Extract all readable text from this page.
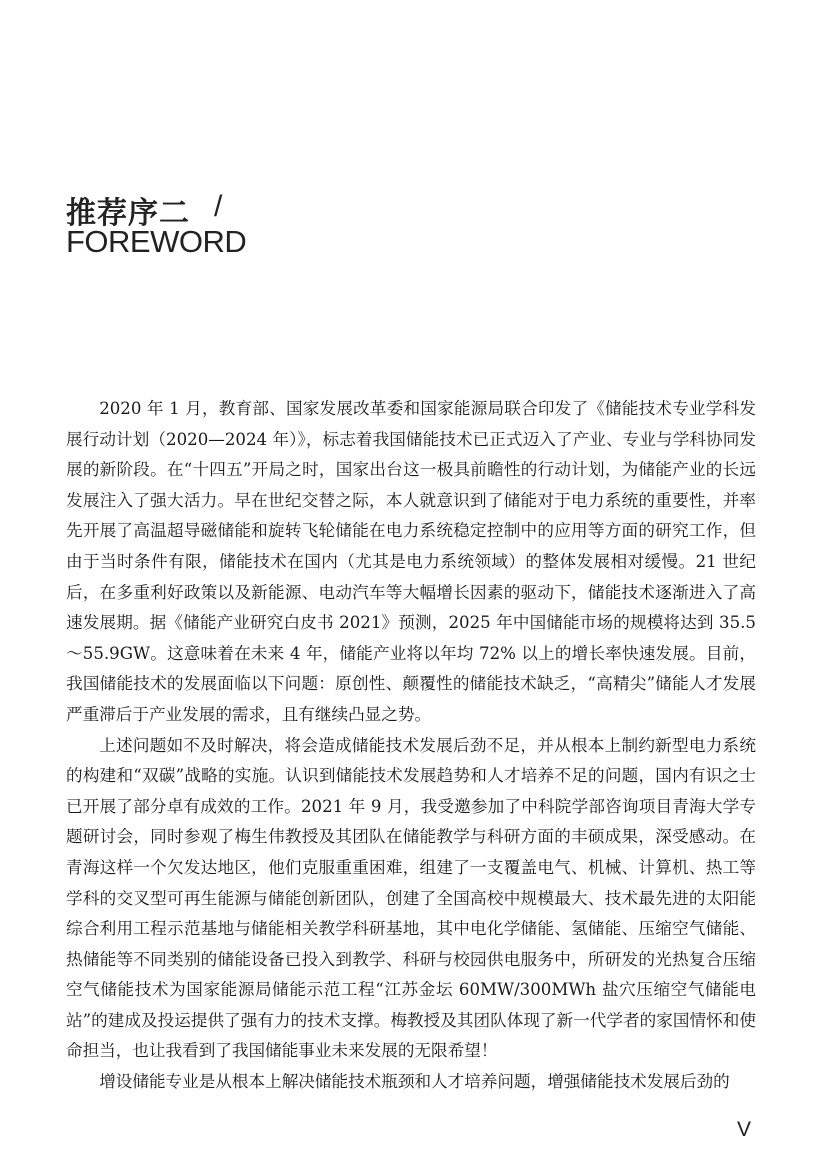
推荐序二 /
FOREWORD

2020 年 1 月，教育部、国家发展改革委和国家能源局联合印发了《储能技术专业学科发展行动计划（2020—2024 年）》，标志着我国储能技术已正式迈入了产业、专业与学科协同发展的新阶段。在“十四五”开局之时，国家出台这一极具前瞻性的行动计划，为储能产业的长远发展注入了强大活力。早在世纪交替之际，本人就意识到了储能对于电力系统的重要性，并率先开展了高温超导磁储能和旋转飞轮储能在电力系统稳定控制中的应用等方面的研究工作，但由于当时条件有限，储能技术在国内（尤其是电力系统领域）的整体发展相对缓慢。21 世纪后，在多重利好政策以及新能源、电动汽车等大幅增长因素的驱动下，储能技术逐渐进入了高速发展期。据《储能产业研究白皮书 2021》预测，2025 年中国储能市场的规模将达到 35.5～55.9GW。这意味着在未来 4 年，储能产业将以年均 72% 以上的增长率快速发展。目前，我国储能技术的发展面临以下问题：原创性、颠覆性的储能技术缺乏，“高精尖”储能人才发展严重滞后于产业发展的需求，且有继续凸显之势。

上述问题如不及时解决，将会造成储能技术发展后劲不足，并从根本上制约新型电力系统的构建和“双碳”战略的实施。认识到储能技术发展趋势和人才培养不足的问题，国内有识之士已开展了部分卓有成效的工作。2021 年 9 月，我受邀参加了中科院学部咨询项目青海大学专题研讨会，同时参观了梅生伟教授及其团队在储能教学与科研方面的丰硕成果，深受感动。在青海这样一个欠发达地区，他们克服重重困难，组建了一支覆盖电气、机械、计算机、热工等学科的交叉型可再生能源与储能创新团队，创建了全国高校中规模最大、技术最先进的太阳能综合利用工程示范基地与储能相关教学科研基地，其中电化学储能、氢储能、压缩空气储能、热储能等不同类别的储能设备已投入到教学、科研与校园供电服务中，所研发的光热复合压缩空气储能技术为国家能源局储能示范工程“江苏金坛 60MW/300MWh 盐穴压缩空气储能电站”的建成及投运提供了强有力的技术支撑。梅教授及其团队体现了新一代学者的家国情怀和使命担当，也让我看到了我国储能事业未来发展的无限希望！

增设储能专业是从根本上解决储能技术瓶颈和人才培养问题，增强储能技术发展后劲的

V
